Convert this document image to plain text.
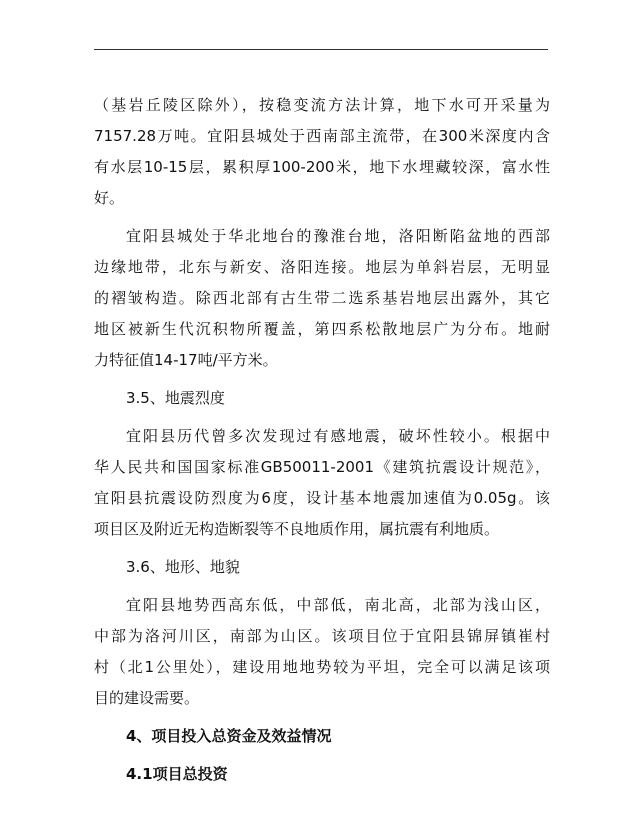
（基岩丘陵区除外），按稳变流方法计算，地下水可开采量为
7157.28万吨。宜阳县城处于西南部主流带，在300米深度内含
有水层10-15层，累积厚100-200米，地下水埋藏较深，富水性
好。
宜阳县城处于华北地台的豫淮台地，洛阳断陷盆地的西部
边缘地带，北东与新安、洛阳连接。地层为单斜岩层，无明显
的褶皱构造。除西北部有古生带二选系基岩地层出露外，其它
地区被新生代沉积物所覆盖，第四系松散地层广为分布。地耐
力特征值14-17吨/平方米。
3.5、地震烈度
宜阳县历代曾多次发现过有感地震，破坏性较小。根据中
华人民共和国国家标准GB50011-2001《建筑抗震设计规范》，
宜阳县抗震设防烈度为6度，设计基本地震加速值为0.05g。该
项目区及附近无构造断裂等不良地质作用，属抗震有利地质。
3.6、地形、地貌
宜阳县地势西高东低，中部低，南北高，北部为浅山区，
中部为洛河川区，南部为山区。该项目位于宜阳县锦屏镇崔村
村（北1公里处），建设用地地势较为平坦，完全可以满足该项
目的建设需要。
4、项目投入总资金及效益情况
4.1项目总投资
